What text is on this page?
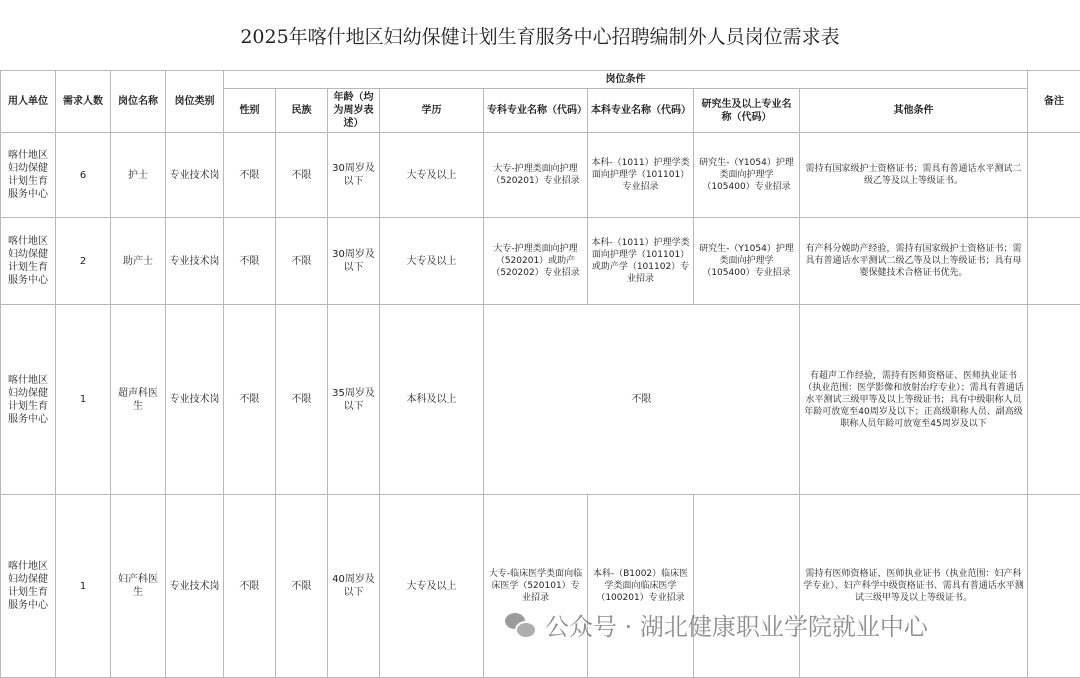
2025年喀什地区妇幼保健计划生育服务中心招聘编制外人员岗位需求表
用人单位	需求人数	岗位名称	岗位类别	岗位条件								备注
				性别	民族	年龄（均为周岁表述）	学历	专科专业名称（代码）	本科专业名称（代码）	研究生及以上专业名称（代码）	其他条件	
喀什地区妇幼保健计划生育服务中心	6	护士	专业技术岗	不限	不限	30周岁及以下	大专及以上	大专-护理类面向护理（520201）专业招录	本科-（1011）护理学类面向护理学（101101）专业招录	研究生-（Y1054）护理类面向护理学（105400）专业招录	需持有国家级护士资格证书；需具有普通话水平测试二级乙等及以上等级证书。	
喀什地区妇幼保健计划生育服务中心	2	助产士	专业技术岗	不限	不限	30周岁及以下	大专及以上	大专-护理类面向护理（520201）或助产（520202）专业招录	本科-（1011）护理学类面向护理学（101101）或助产学（101102）专业招录	研究生-（Y1054）护理类面向护理学（105400）专业招录	有产科分娩助产经验，需持有国家级护士资格证书；需具有普通话水平测试二级乙等及以上等级证书；具有母婴保健技术合格证书优先。	
喀什地区妇幼保健计划生育服务中心	1	超声科医生	专业技术岗	不限	不限	35周岁及以下	本科及以上	不限			有超声工作经验，需持有医师资格证、医师执业证书（执业范围：医学影像和放射治疗专业）；需具有普通话水平测试三级甲等及以上等级证书；具有中级职称人员年龄可放宽至40周岁及以下；正高级职称人员、副高级职称人员年龄可放宽至45周岁及以下	
喀什地区妇幼保健计划生育服务中心	1	妇产科医生	专业技术岗	不限	不限	40周岁及以下	大专及以上	大专-临床医学类面向临床医学（520101）专业招录	本科-（B1002）临床医学类面向临床医学（100201）专业招录		需持有医师资格证、医师执业证书（执业范围：妇产科学专业）、妇产科学中级资格证书、需具有普通话水平测试三级甲等及以上等级证书。	
公众号 · 湖北健康职业学院就业中心
